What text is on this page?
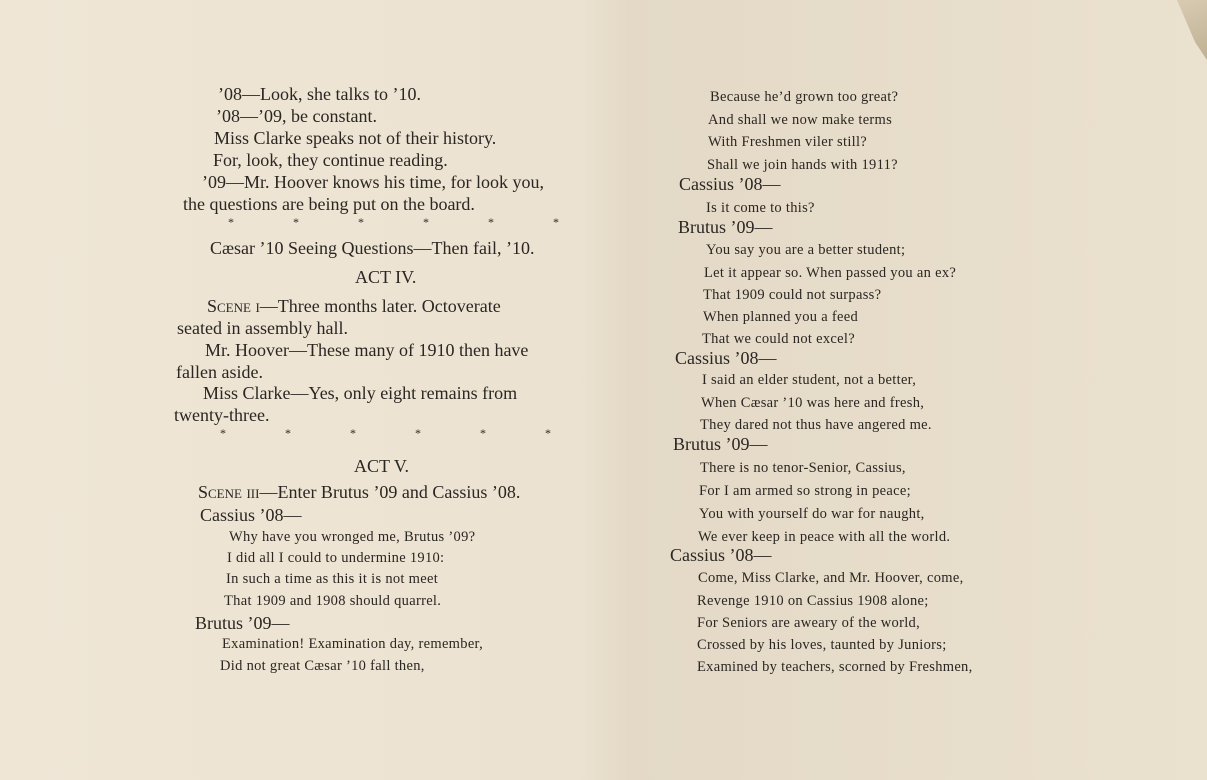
’08—Look, she talks to ’10.
’08—’09, be constant.
Miss Clarke speaks not of their history.
For, look, they continue reading.
’09—Mr. Hoover knows his time, for look you,
the questions are being put on the board.
*	*	*	*	*	*
Cæsar ’10 Seeing Questions—Then fail, ’10.
ACT IV.
Scene i—Three months later. Octoverate
seated in assembly hall.
Mr. Hoover—These many of 1910 then have
fallen aside.
Miss Clarke—Yes, only eight remains from
twenty-three.
*	*	*	*	*	*
ACT V.
Scene iii—Enter Brutus ’09 and Cassius ’08.
Cassius ’08—
Why have you wronged me, Brutus ’09?
I did all I could to undermine 1910:
In such a time as this it is not meet
That 1909 and 1908 should quarrel.
Brutus ’09—
Examination! Examination day, remember,
Did not great Cæsar ’10 fall then,
Because he’d grown too great?
And shall we now make terms
With Freshmen viler still?
Shall we join hands with 1911?
Cassius ’08—
Is it come to this?
Brutus ’09—
You say you are a better student;
Let it appear so. When passed you an ex?
That 1909 could not surpass?
When planned you a feed
That we could not excel?
Cassius ’08—
I said an elder student, not a better,
When Cæsar ’10 was here and fresh,
They dared not thus have angered me.
Brutus ’09—
There is no tenor-Senior, Cassius,
For I am armed so strong in peace;
You with yourself do war for naught,
We ever keep in peace with all the world.
Cassius ’08—
Come, Miss Clarke, and Mr. Hoover, come,
Revenge 1910 on Cassius 1908 alone;
For Seniors are aweary of the world,
Crossed by his loves, taunted by Juniors;
Examined by teachers, scorned by Freshmen,
